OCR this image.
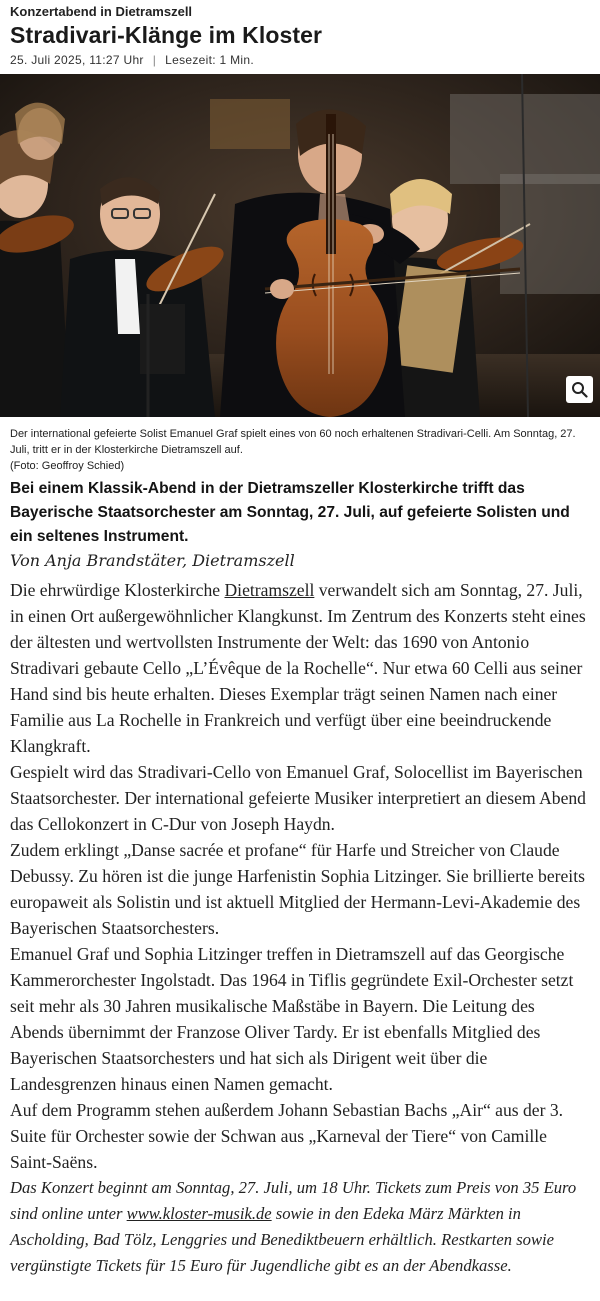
Konzertabend in Dietramszell

Stradivari-Klänge im Kloster
25. Juli 2025, 11:27 Uhr | Lesezeit: 1 Min.
Der international gefeierte Solist Emanuel Graf spielt eines von 60 noch erhaltenen Stradivari-Celli. Am Sonntag, 27. Juli, tritt er in der Klosterkirche Dietramszell auf.
(Foto: Geoffroy Schied)

Bei einem Klassik-Abend in der Dietramszeller Klosterkirche trifft das Bayerische Staatsorchester am Sonntag, 27. Juli, auf gefeierte Solisten und ein seltenes Instrument.

Von Anja Brandstäter, Dietramszell

Die ehrwürdige Klosterkirche Dietramszell verwandelt sich am Sonntag, 27. Juli, in einen Ort außergewöhnlicher Klangkunst. Im Zentrum des Konzerts steht eines der ältesten und wertvollsten Instrumente der Welt: das 1690 von Antonio Stradivari gebaute Cello „L’Évêque de la Rochelle“. Nur etwa 60 Celli aus seiner Hand sind bis heute erhalten. Dieses Exemplar trägt seinen Namen nach einer Familie aus La Rochelle in Frankreich und verfügt über eine beeindruckende Klangkraft.

Gespielt wird das Stradivari-Cello von Emanuel Graf, Solocellist im Bayerischen Staatsorchester. Der international gefeierte Musiker interpretiert an diesem Abend das Cellokonzert in C-Dur von Joseph Haydn.

Zudem erklingt „Danse sacrée et profane“ für Harfe und Streicher von Claude Debussy. Zu hören ist die junge Harfenistin Sophia Litzinger. Sie brillierte bereits europaweit als Solistin und ist aktuell Mitglied der Hermann-Levi-Akademie des Bayerischen Staatsorchesters.

Emanuel Graf und Sophia Litzinger treffen in Dietramszell auf das Georgische Kammerorchester Ingolstadt. Das 1964 in Tiflis gegründete Exil-Orchester setzt seit mehr als 30 Jahren musikalische Maßstäbe in Bayern. Die Leitung des Abends übernimmt der Franzose Oliver Tardy. Er ist ebenfalls Mitglied des Bayerischen Staatsorchesters und hat sich als Dirigent weit über die Landesgrenzen hinaus einen Namen gemacht.

Auf dem Programm stehen außerdem Johann Sebastian Bachs „Air“ aus der 3. Suite für Orchester sowie der Schwan aus „Karneval der Tiere“ von Camille Saint-Saëns.

Das Konzert beginnt am Sonntag, 27. Juli, um 18 Uhr. Tickets zum Preis von 35 Euro sind online unter www.kloster-musik.de sowie in den Edeka März Märkten in Ascholding, Bad Tölz, Lenggries und Benediktbeuern erhältlich. Restkarten sowie vergünstigte Tickets für 15 Euro für Jugendliche gibt es an der Abendkasse.
